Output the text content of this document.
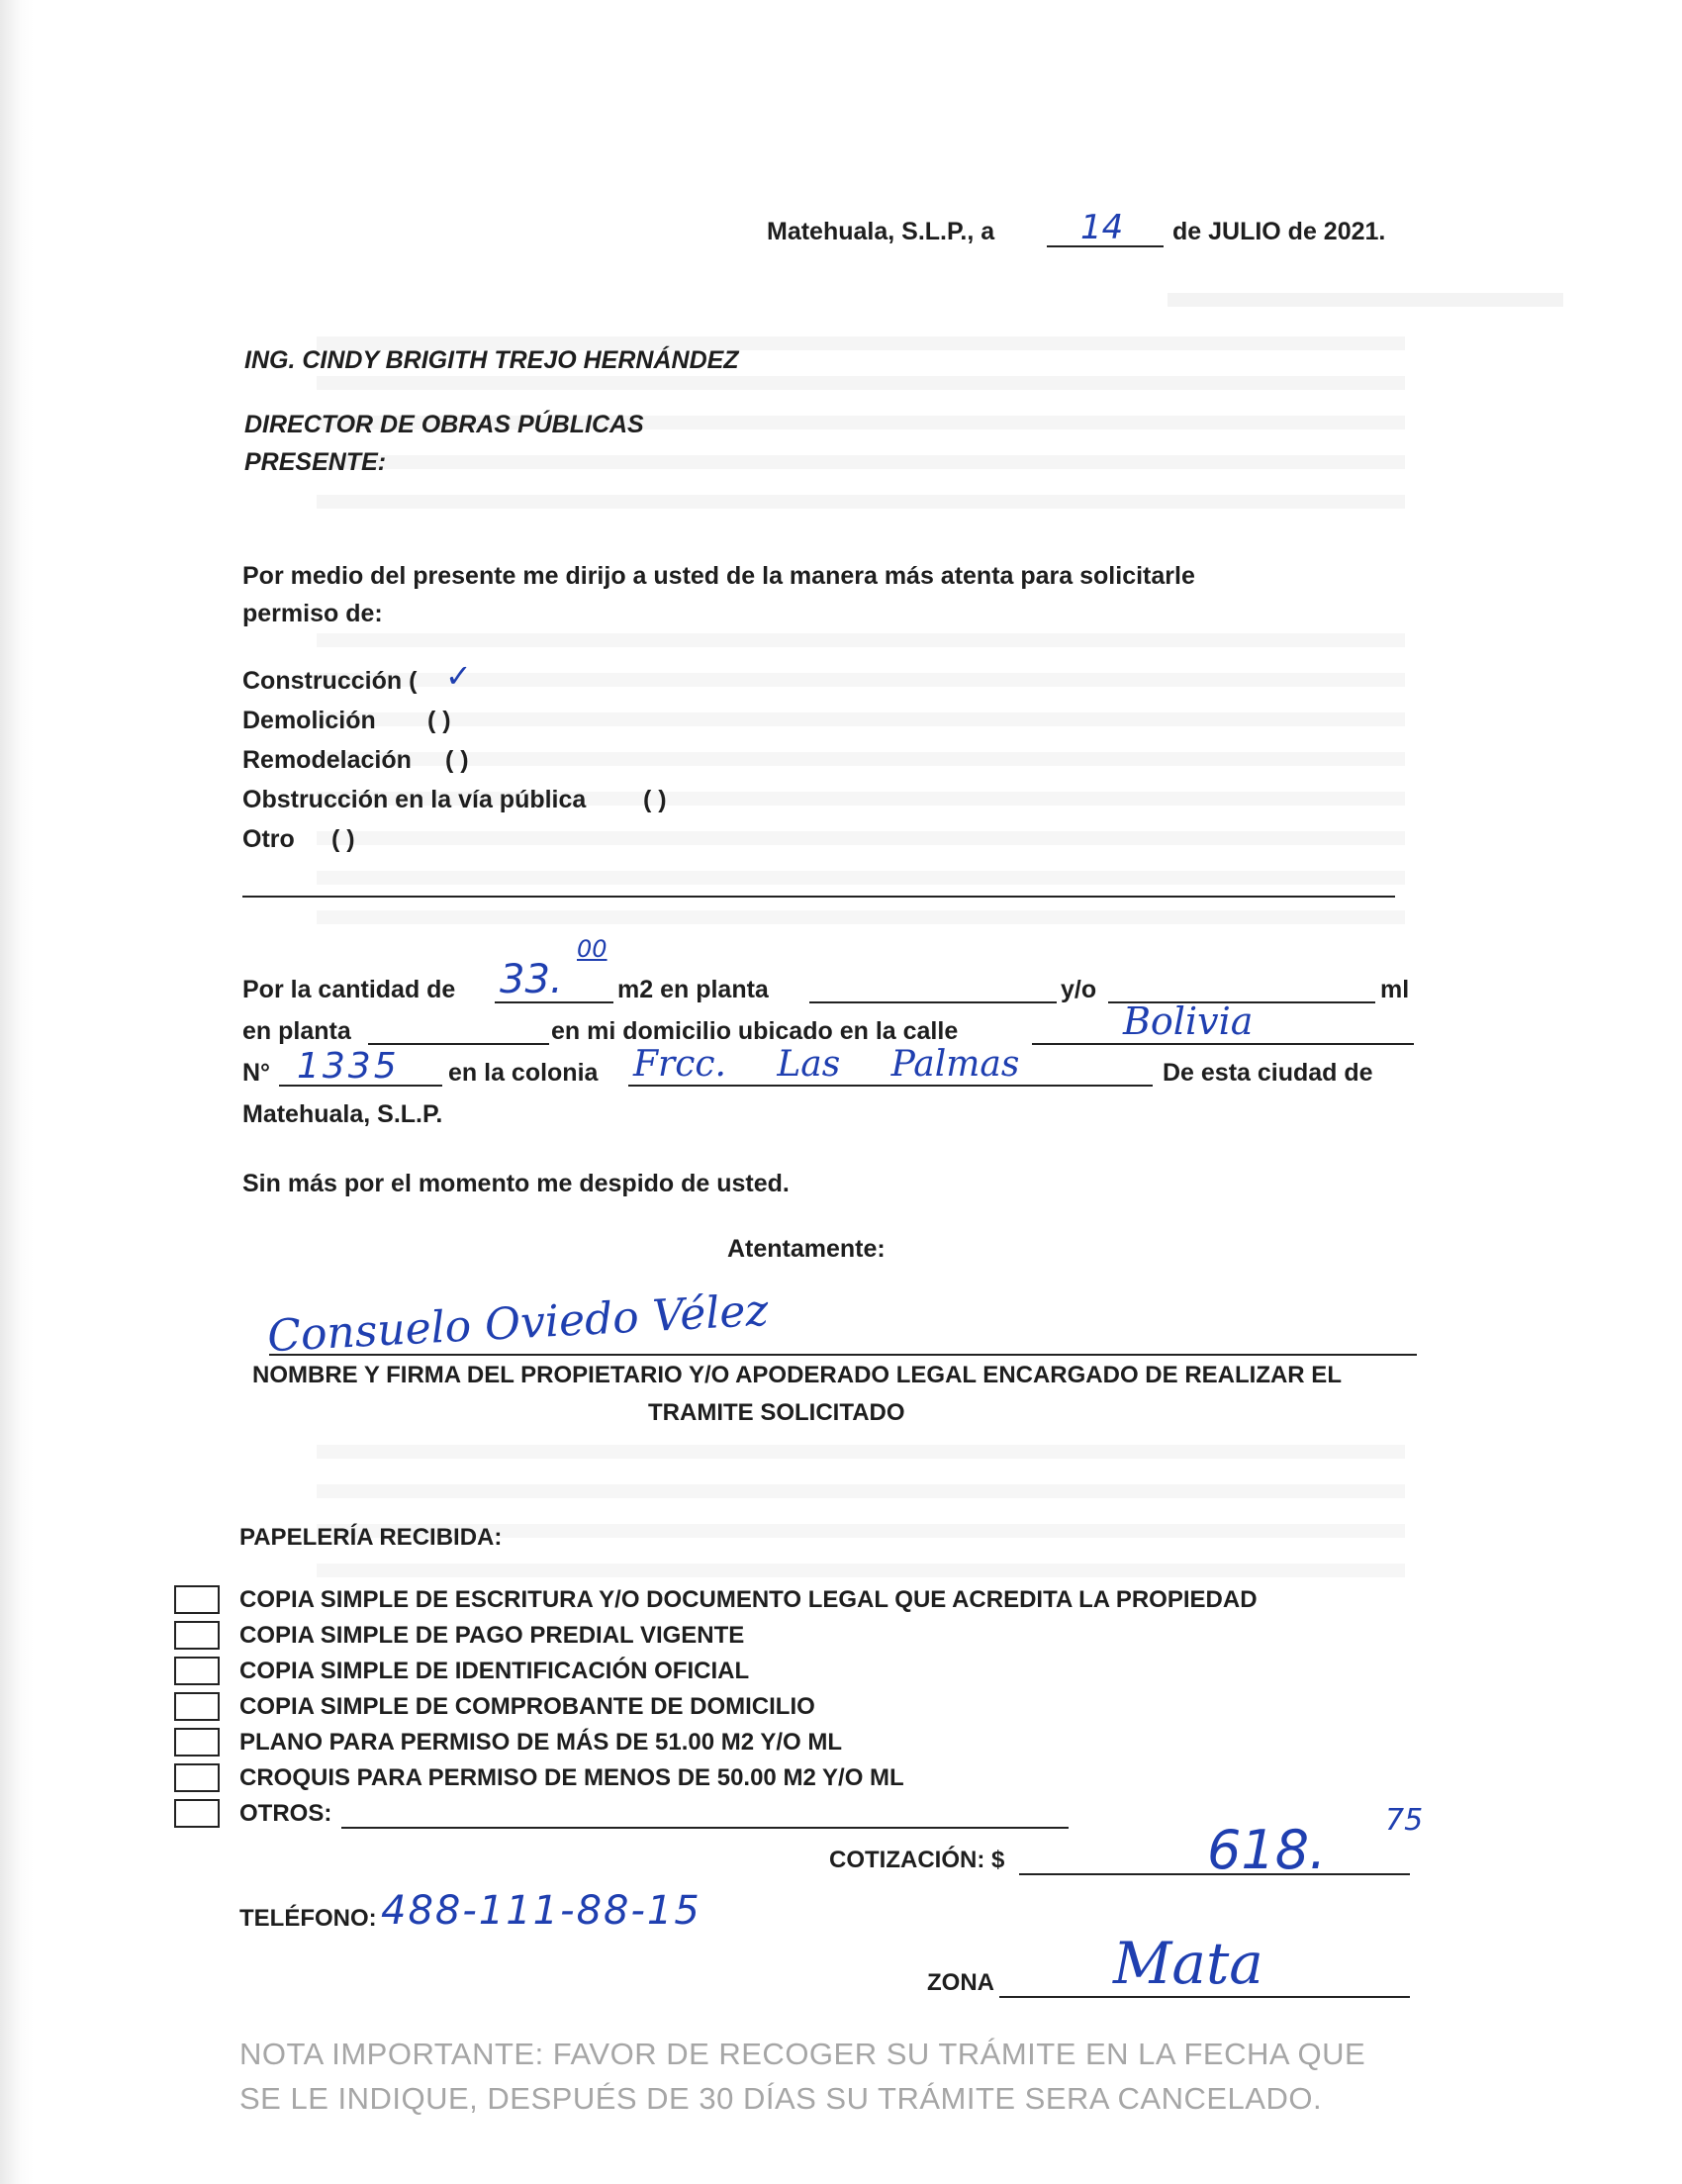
Matehuala, S.L.P., a	14 de JULIO de 2021.
ING. CINDY BRIGITH TREJO HERNÁNDEZ
DIRECTOR DE OBRAS PÚBLICAS
PRESENTE:
Por medio del presente me dirijo a usted de la manera más atenta para solicitarle
permiso de:
Construcción ( ✓
Demolición ( )
Remodelación ( )
Obstrucción en la vía pública ( )
Otro ( )
Por la cantidad de 33.
00
m2 en planta	y/o	ml
en planta	en mi domicilio ubicado en la calle	Bolivia
N° 1335 en la colonia Frcc. Las Palmas	De esta ciudad de
Matehuala, S.L.P.
Sin más por el momento me despido de usted.
Atentamente:
Consuelo Oviedo Vélez
NOMBRE Y FIRMA DEL PROPIETARIO Y/O APODERADO LEGAL ENCARGADO DE REALIZAR EL
TRAMITE SOLICITADO
PAPELERÍA RECIBIDA:
COPIA SIMPLE DE ESCRITURA Y/O DOCUMENTO LEGAL QUE ACREDITA LA PROPIEDAD
COPIA SIMPLE DE PAGO PREDIAL VIGENTE
COPIA SIMPLE DE IDENTIFICACIÓN OFICIAL
COPIA SIMPLE DE COMPROBANTE DE DOMICILIO
PLANO PARA PERMISO DE MÁS DE 51.00 M2 Y/O ML
CROQUIS PARA PERMISO DE MENOS DE 50.00 M2 Y/O ML
OTROS:
COTIZACIÓN: $	618. 75
TELÉFONO: 488-111-88-15
ZONA Mata
NOTA IMPORTANTE: FAVOR DE RECOGER SU TRÁMITE EN LA FECHA QUE
SE LE INDIQUE, DESPUÉS DE 30 DÍAS SU TRÁMITE SERA CANCELADO.
